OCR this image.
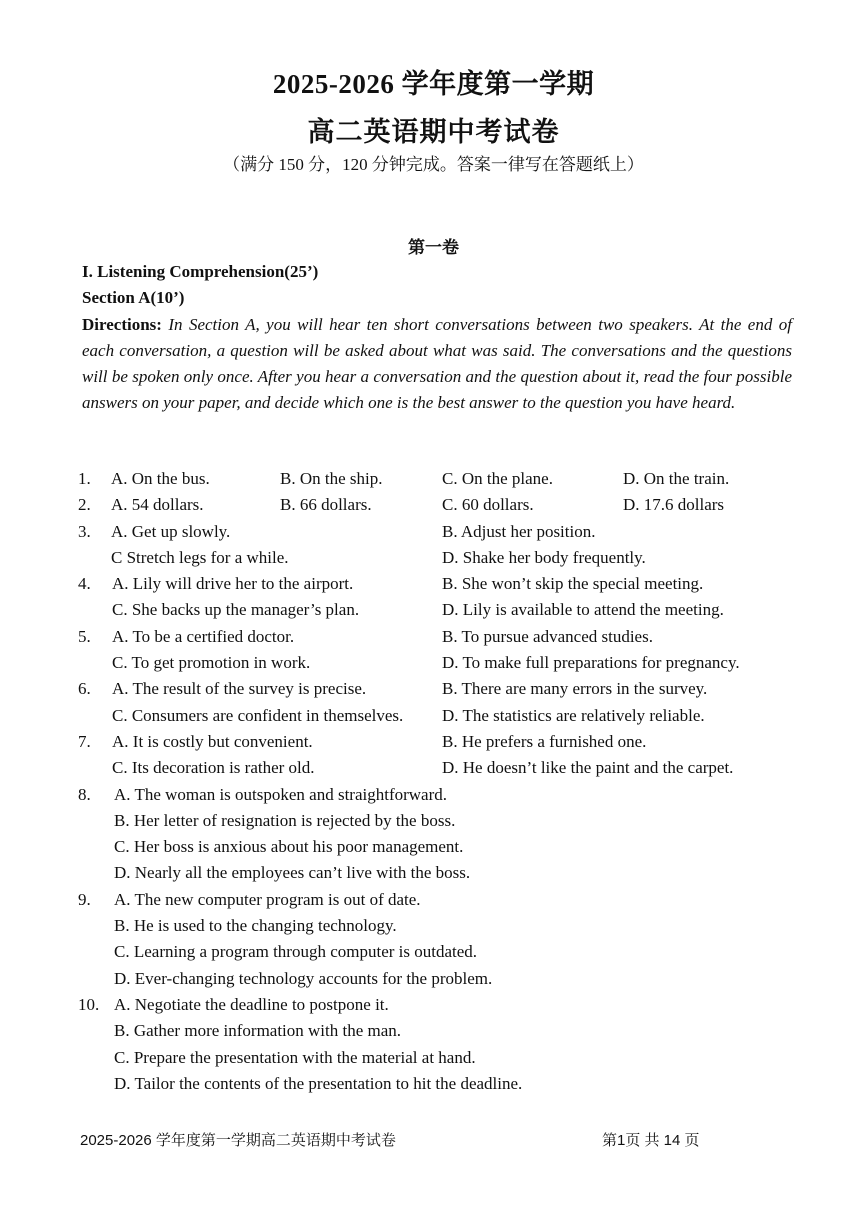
2025-2026 学年度第一学期
高二英语期中考试卷
（满分 150 分，120 分钟完成。答案一律写在答题纸上）
第一卷
I. Listening Comprehension(25’)
Section A(10’)
Directions: In Section A, you will hear ten short conversations between two speakers. At the end of each conversation, a question will be asked about what was said. The conversations and the questions will be spoken only once. After you hear a conversation and the question about it, read the four possible answers on your paper, and decide which one is the best answer to the question you have heard.
1. A. On the bus.	B. On the ship.	C. On the plane.	D. On the train.
2. A. 54 dollars.	B. 66 dollars.	C. 60 dollars.	D. 17.6 dollars
3. A. Get up slowly.	B. Adjust her position.
C Stretch legs for a while.	D. Shake her body frequently.
4. A. Lily will drive her to the airport.	B. She won’t skip the special meeting.
C. She backs up the manager’s plan.	D. Lily is available to attend the meeting.
5. A. To be a certified doctor.	B. To pursue advanced studies.
C. To get promotion in work.	D. To make full preparations for pregnancy.
6. A. The result of the survey is precise.	B. There are many errors in the survey.
C. Consumers are confident in themselves. D. The statistics are relatively reliable.
7. A. It is costly but convenient.	B. He prefers a furnished one.
C. Its decoration is rather old.	D. He doesn’t like the paint and the carpet.
8. A. The woman is outspoken and straightforward.
B. Her letter of resignation is rejected by the boss.
C. Her boss is anxious about his poor management.
D. Nearly all the employees can’t live with the boss.
9. A. The new computer program is out of date.
B. He is used to the changing technology.
C. Learning a program through computer is outdated.
D. Ever-changing technology accounts for the problem.
10. A. Negotiate the deadline to postpone it.
B. Gather more information with the man.
C. Prepare the presentation with the material at hand.
D. Tailor the contents of the presentation to hit the deadline.
2025-2026 学年度第一学期高二英语期中考试卷	第1页 共 14 页
